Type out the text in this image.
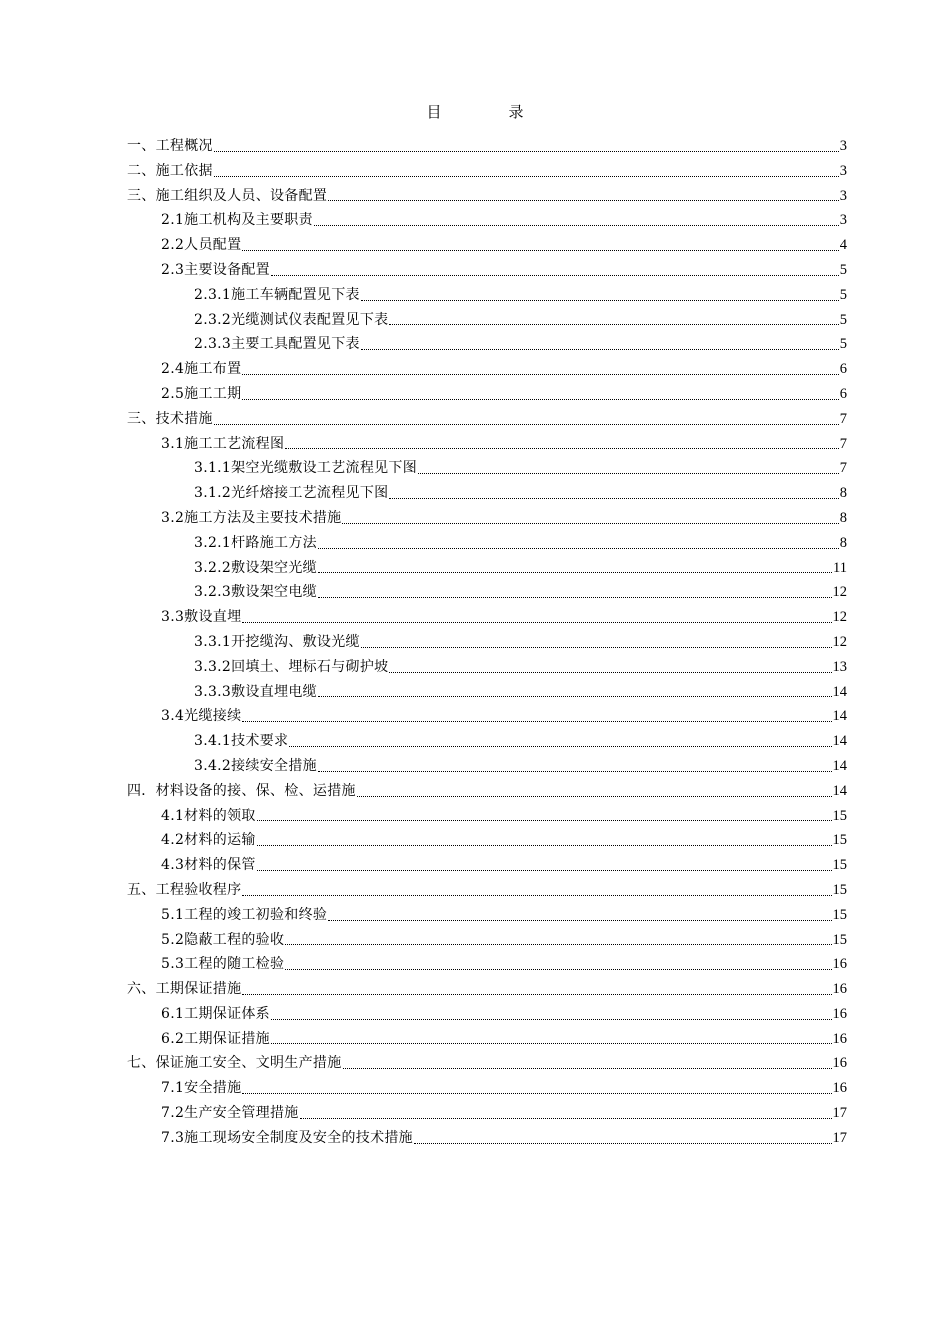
目　录
一、工程概况	3
二、施工依据	3
三、施工组织及人员、设备配置	3
2.1施工机构及主要职责	3
2.2人员配置	4
2.3主要设备配置	5
2.3.1施工车辆配置见下表	5
2.3.2光缆测试仪表配置见下表	5
2.3.3主要工具配置见下表	5
2.4施工布置	6
2.5施工工期	6
三、技术措施	7
3.1施工工艺流程图	7
3.1.1架空光缆敷设工艺流程见下图	7
3.1.2光纤熔接工艺流程见下图	8
3.2施工方法及主要技术措施	8
3.2.1杆路施工方法	8
3.2.2敷设架空光缆	11
3.2.3敷设架空电缆	12
3.3敷设直埋	12
3.3.1开挖缆沟、敷设光缆	12
3.3.2回填土、埋标石与砌护坡	13
3.3.3敷设直埋电缆	14
3.4光缆接续	14
3.4.1技术要求	14
3.4.2接续安全措施	14
四．材料设备的接、保、检、运措施	14
4.1材料的领取	15
4.2材料的运输	15
4.3材料的保管	15
五、工程验收程序	15
5.1工程的竣工初验和终验	15
5.2隐蔽工程的验收	15
5.3工程的随工检验	16
六、工期保证措施	16
6.1工期保证体系	16
6.2工期保证措施	16
七、保证施工安全、文明生产措施	16
7.1安全措施	16
7.2生产安全管理措施	17
7.3施工现场安全制度及安全的技术措施	17
